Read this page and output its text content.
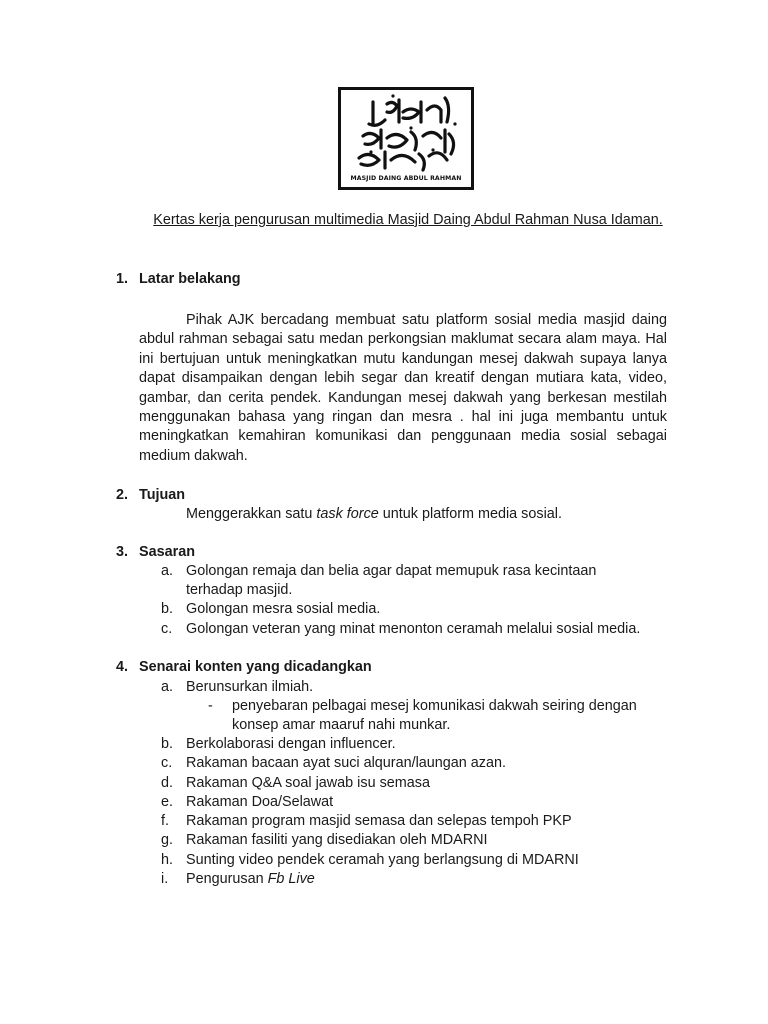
MASJID DAING ABDUL RAHMAN
Kertas kerja pengurusan multimedia Masjid Daing Abdul Rahman Nusa Idaman.
1. Latar belakang
Pihak AJK bercadang membuat satu platform sosial media masjid daing abdul rahman sebagai satu medan perkongsian maklumat secara alam maya. Hal ini bertujuan untuk meningkatkan mutu kandungan mesej dakwah supaya lanya dapat disampaikan dengan lebih segar dan kreatif dengan mutiara kata, video, gambar, dan cerita pendek. Kandungan mesej dakwah yang berkesan mestilah menggunakan bahasa yang ringan dan mesra . hal ini juga membantu untuk meningkatkan kemahiran komunikasi dan penggunaan media sosial sebagai medium dakwah.
2. Tujuan
Menggerakkan satu task force untuk platform media sosial.
3. Sasaran
a. Golongan remaja dan belia agar dapat memupuk rasa kecintaan
terhadap masjid.
b. Golongan mesra sosial media.
c. Golongan veteran yang minat menonton ceramah melalui sosial media.
4. Senarai konten yang dicadangkan
a. Berunsurkan ilmiah.
- penyebaran pelbagai mesej komunikasi dakwah seiring dengan
konsep amar maaruf nahi munkar.
b. Berkolaborasi dengan influencer.
c. Rakaman bacaan ayat suci alquran/laungan azan.
d. Rakaman Q&A soal jawab isu semasa
e. Rakaman Doa/Selawat
f. Rakaman program masjid semasa dan selepas tempoh PKP
g. Rakaman fasiliti yang disediakan oleh MDARNI
h. Sunting video pendek ceramah yang berlangsung di MDARNI
i. Pengurusan Fb Live
